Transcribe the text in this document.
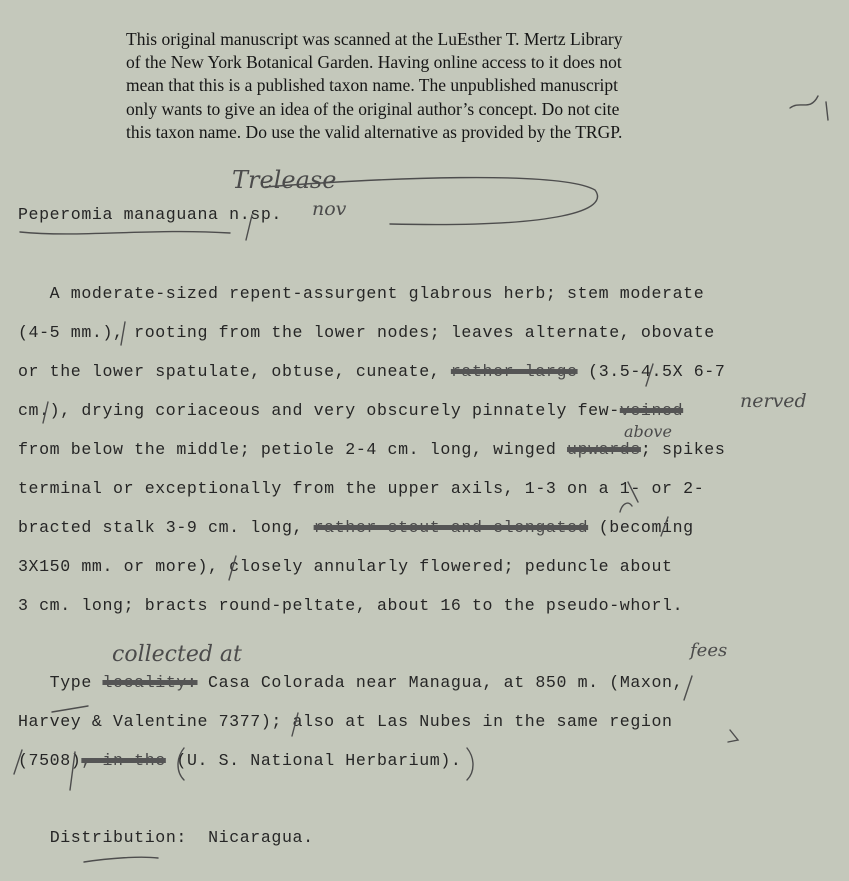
This original manuscript was scanned at the LuEsther T. Mertz Library
of the New York Botanical Garden. Having online access to it does not
mean that this is a published taxon name. The unpublished manuscript
only wants to give an idea of the original author’s concept. Do not cite
this taxon name. Do use the valid alternative as provided by the TRGP.
Peperomia managuana n.sp.
Trelease
nov
A moderate-sized repent-assurgent glabrous herb; stem moderate
(4-5 mm.), rooting from the lower nodes; leaves alternate, obovate
or the lower spatulate, obtuse, cuneate, rather large (3.5-4.5X 6-7
cm.), drying coriaceous and very obscurely pinnately few-veined
from below the middle; petiole 2-4 cm. long, winged upwards; spikes
terminal or exceptionally from the upper axils, 1-3 on a 1- or 2-
bracted stalk 3-9 cm. long, rather stout and elongated (becoming
3X150 mm. or more), closely annularly flowered; peduncle about
3 cm. long; bracts round-peltate, about 16 to the pseudo-whorl.
nerved
above
Type locality: Casa Colorada near Managua, at 850 m. (Maxon,
Harvey & Valentine 7377); also at Las Nubes in the same region
(7508), in the (U. S. National Herbarium).
collected at	fees
Distribution: Nicaragua.
